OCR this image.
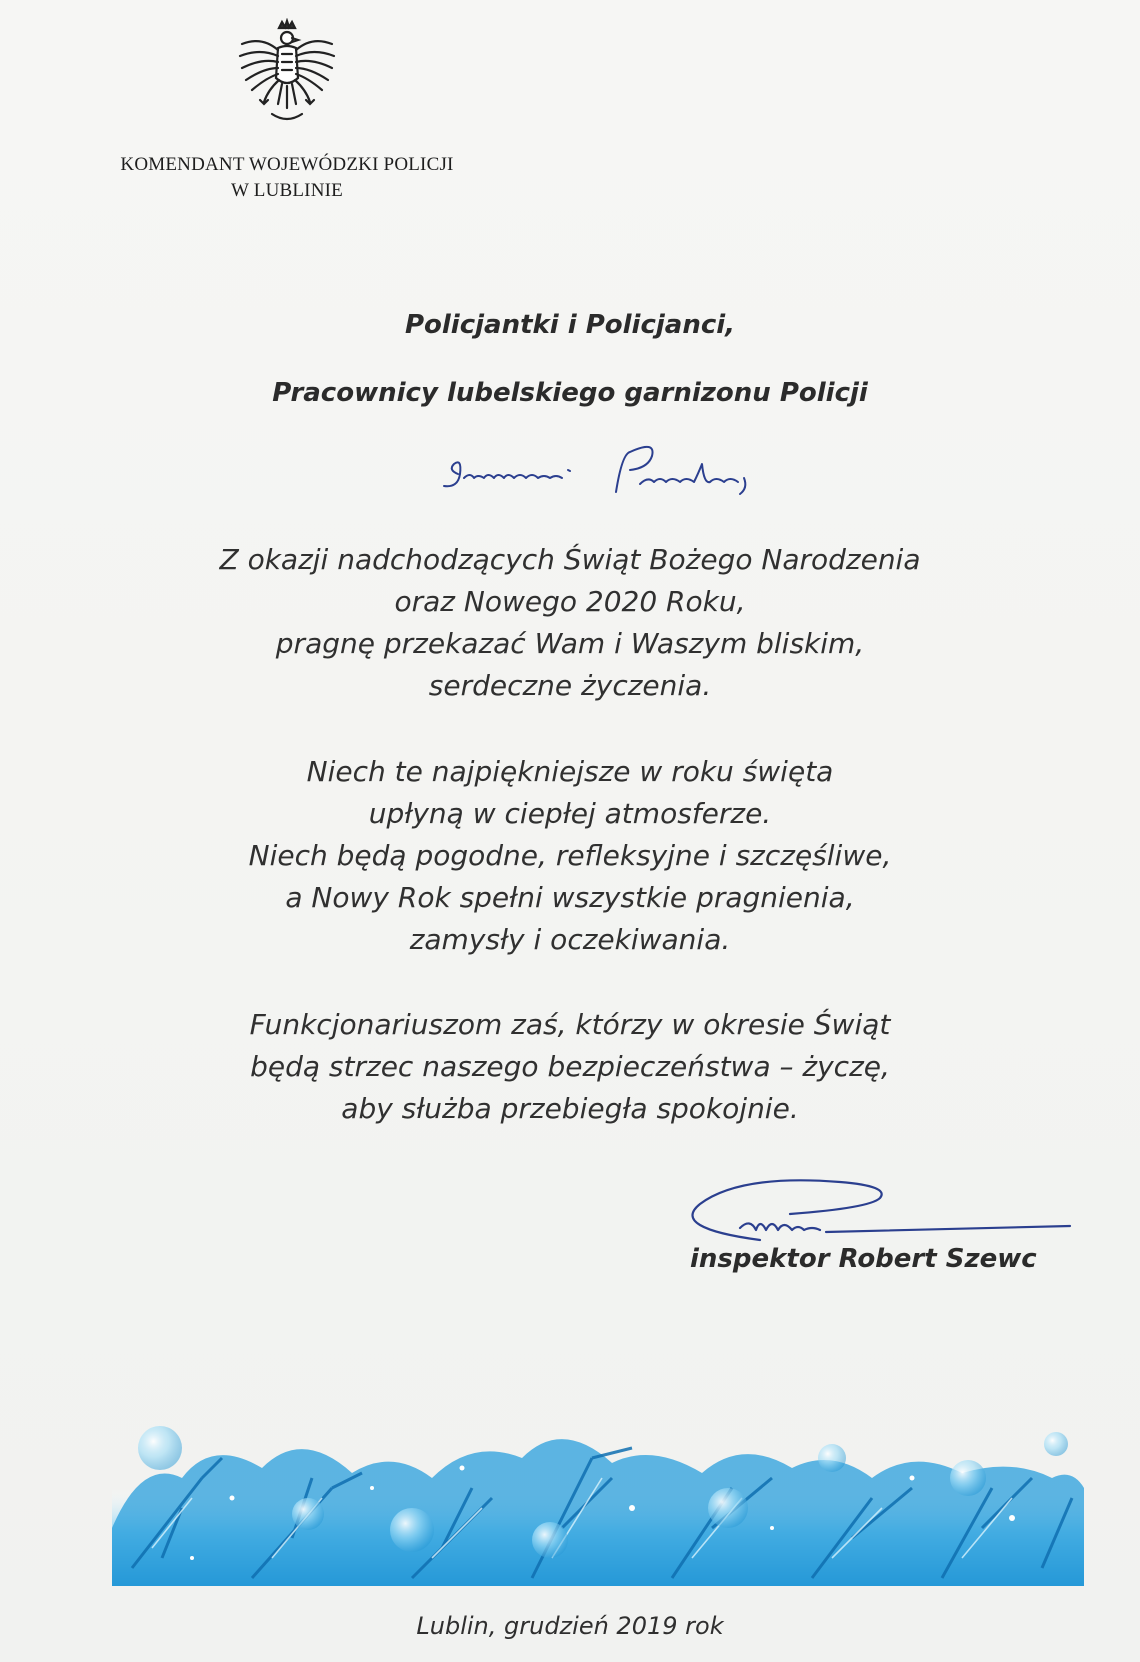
KOMENDANT WOJEWÓDZKI POLICJI
W LUBLINIE
Policjantki i Policjanci,
Pracownicy lubelskiego garnizonu Policji
Z okazji nadchodzących Świąt Bożego Narodzenia
oraz Nowego 2020 Roku,
pragnę przekazać Wam i Waszym bliskim,
serdeczne życzenia.
Niech te najpiękniejsze w roku święta
upłyną w ciepłej atmosferze.
Niech będą pogodne, refleksyjne i szczęśliwe,
a Nowy Rok spełni wszystkie pragnienia,
zamysły i oczekiwania.
Funkcjonariuszom zaś, którzy w okresie Świąt
będą strzec naszego bezpieczeństwa – życzę,
aby służba przebiegła spokojnie.
inspektor Robert Szewc
Lublin, grudzień 2019 rok
